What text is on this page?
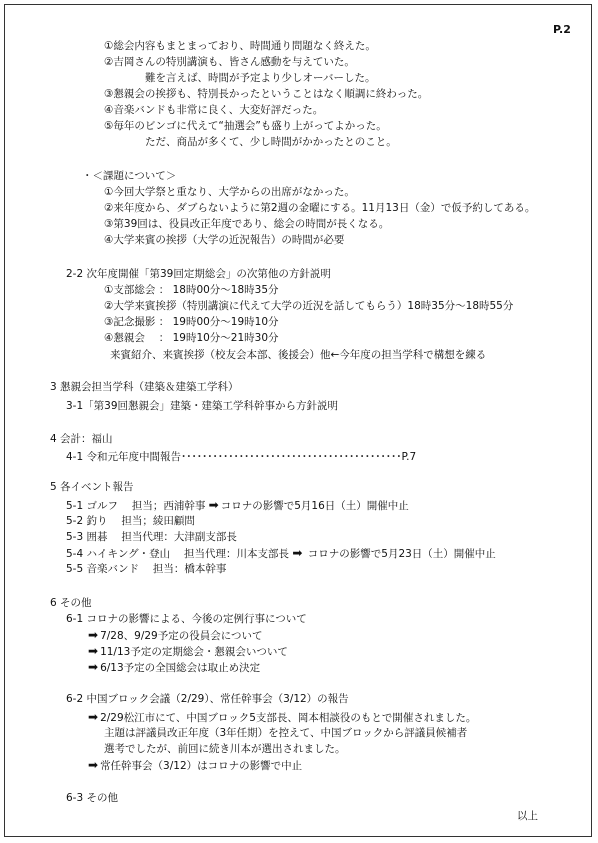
P.2
①総会内容もまとまっており、時間通り問題なく終えた。
②吉岡さんの特別講演も、皆さん感動を与えていた。
難を言えば、時間が予定より少しオーバーした。
③懇親会の挨拶も、特別長かったということはなく順調に終わった。
④音楽バンドも非常に良く、大変好評だった。
⑤毎年のビンゴに代えて“抽選会”も盛り上がってよかった。
ただ、商品が多くて、少し時間がかかったとのこと。
・＜課題について＞
①今回大学祭と重なり、大学からの出席がなかった。
②来年度から、ダブらないように第2週の金曜にする。11月13日（金）で仮予約してある。
③第39回は、役員改正年度であり、総会の時間が長くなる。
④大学来賓の挨拶（大学の近況報告）の時間が必要
2-2 次年度開催「第39回定期総会」の次第他の方針説明
①支部総会 ： 18時00分～18時35分
②大学来賓挨拶（特別講演に代えて大学の近況を話してもらう）18時35分～18時55分
③記念撮影 ： 19時00分～19時10分
④懇親会　 ： 19時10分～21時30分
来賓紹介、来賓挨拶（校友会本部、後援会）他←今年度の担当学科で構想を練る
3 懇親会担当学科（建築＆建築工学科）
3-1「第39回懇親会」建築・建築工学科幹事から方針説明
4 会計：福山
4-1 令和元年度中間報告･･････････････････････････････････････････P.7
5 各イベント報告
5-1 ゴルフ　 担当；西浦幹事 ➡ コロナの影響で5月16日（土）開催中止
5-2 釣り　 担当；綾田顧問
5-3 囲碁　 担当代理：大津副支部長
5-4 ハイキング・登山　 担当代理：川本支部長 ➡ コロナの影響で5月23日（土）開催中止
5-5 音楽バンド　 担当：橋本幹事
6 その他
6-1 コロナの影響による、今後の定例行事について
➡ 7/28、9/29予定の役員会について
➡ 11/13予定の定期総会・懇親会いついて
➡ 6/13予定の全国総会は取止め決定
6-2 中国ブロック会議（2/29）、常任幹事会（3/12）の報告
➡ 2/29松江市にて、中国ブロック5支部長、岡本相談役のもとで開催されました。
主題は評議員改正年度（3年任期）を控えて、中国ブロックから評議員候補者
選考でしたが、前回に続き川本が選出されました。
➡ 常任幹事会（3/12）はコロナの影響で中止
6-3 その他
以上
